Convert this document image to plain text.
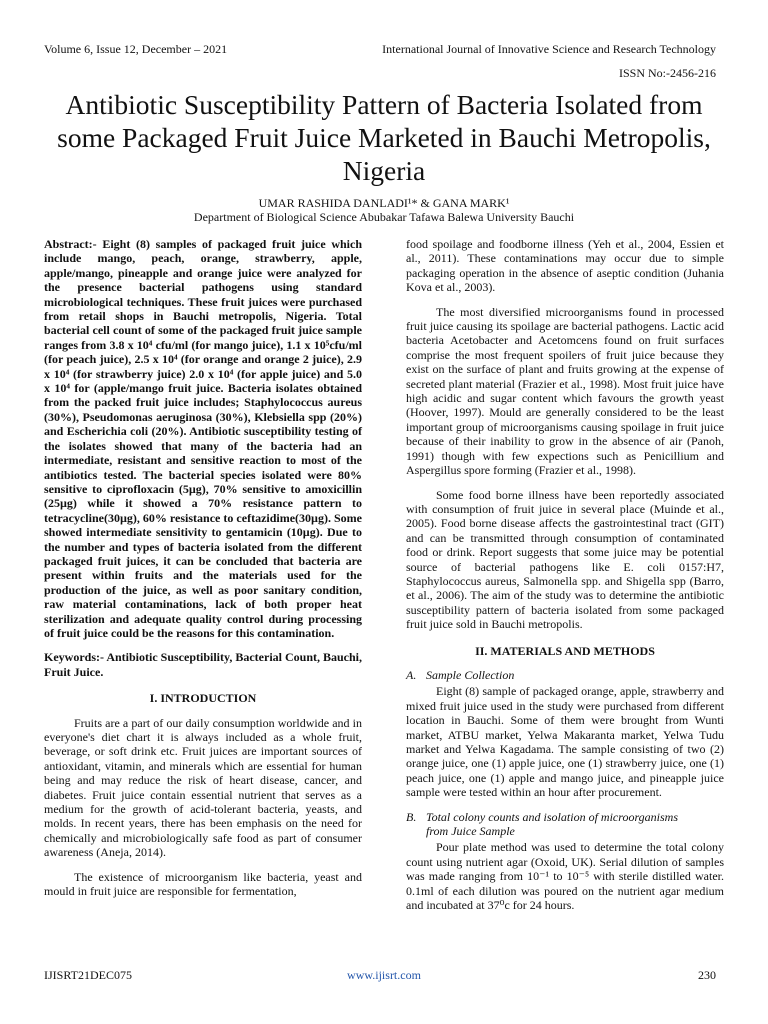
Volume 6, Issue 12, December – 2021	International Journal of Innovative Science and Research Technology
ISSN No:-2456-216
Antibiotic Susceptibility Pattern of Bacteria Isolated from some Packaged Fruit Juice Marketed in Bauchi Metropolis, Nigeria
UMAR RASHIDA DANLADI¹* & GANA MARK¹
Department of Biological Science Abubakar Tafawa Balewa University Bauchi

Abstract:- Eight (8) samples of packaged fruit juice which include mango, peach, orange, strawberry, apple, apple/mango, pineapple and orange juice were analyzed for the presence bacterial pathogens using standard microbiological techniques. These fruit juices were purchased from retail shops in Bauchi metropolis, Nigeria. Total bacterial cell count of some of the packaged fruit juice sample ranges from 3.8 x 10⁴ cfu/ml (for mango juice), 1.1 x 10⁵cfu/ml (for peach juice), 2.5 x 10⁴ (for orange and orange 2 juice), 2.9 x 10⁴ (for strawberry juice) 2.0 x 10⁴ (for apple juice) and 5.0 x 10⁴ for (apple/mango fruit juice. Bacteria isolates obtained from the packed fruit juice includes; Staphylococcus aureus (30%), Pseudomonas aeruginosa (30%), Klebsiella spp (20%) and Escherichia coli (20%). Antibiotic susceptibility testing of the isolates showed that many of the bacteria had an intermediate, resistant and sensitive reaction to most of the antibiotics tested. The bacterial species isolated were 80% sensitive to ciprofloxacin (5µg), 70% sensitive to amoxicillin (25µg) while it showed a 70% resistance pattern to tetracycline(30µg), 60% resistance to ceftazidime(30µg). Some showed intermediate sensitivity to gentamicin (10µg). Due to the number and types of bacteria isolated from the different packaged fruit juices, it can be concluded that bacteria are present within fruits and the materials used for the production of the juice, as well as poor sanitary condition, raw material contaminations, lack of both proper heat sterilization and adequate quality control during processing of fruit juice could be the reasons for this contamination.

Keywords:- Antibiotic Susceptibility, Bacterial Count, Bauchi, Fruit Juice.

I. INTRODUCTION

Fruits are a part of our daily consumption worldwide and in everyone's diet chart it is always included as a whole fruit, beverage, or soft drink etc. Fruit juices are important sources of antioxidant, vitamin, and minerals which are essential for human being and may reduce the risk of heart disease, cancer, and diabetes. Fruit juice contain essential nutrient that serves as a medium for the growth of acid-tolerant bacteria, yeasts, and molds. In recent years, there has been emphasis on the need for chemically and microbiologically safe food as part of consumer awareness (Aneja, 2014).

The existence of microorganism like bacteria, yeast and mould in fruit juice are responsible for fermentation,

food spoilage and foodborne illness (Yeh et al., 2004, Essien et al., 2011). These contaminations may occur due to simple packaging operation in the absence of aseptic condition (Juhania Kova et al., 2003).

The most diversified microorganisms found in processed fruit juice causing its spoilage are bacterial pathogens. Lactic acid bacteria Acetobacter and Acetomcens found on fruit surfaces comprise the most frequent spoilers of fruit juice because they exist on the surface of plant and fruits growing at the expense of secreted plant material (Frazier et al., 1998). Most fruit juice have high acidic and sugar content which favours the growth yeast (Hoover, 1997). Mould are generally considered to be the least important group of microorganisms causing spoilage in fruit juice because of their inability to grow in the absence of air (Panoh, 1991) though with few expections such as Penicillium and Aspergillus spore forming (Frazier et al., 1998).

Some food borne illness have been reportedly associated with consumption of fruit juice in several place (Muinde et al., 2005). Food borne disease affects the gastrointestinal tract (GIT) and can be transmitted through consumption of contaminated food or drink. Report suggests that some juice may be potential source of bacterial pathogens like E. coli 0157:H7, Staphylococcus aureus, Salmonella spp. and Shigella spp (Barro, et al., 2006). The aim of the study was to determine the antibiotic susceptibility pattern of bacteria isolated from some packaged fruit juice sold in Bauchi metropolis.

II. MATERIALS AND METHODS
A. Sample Collection

Eight (8) sample of packaged orange, apple, strawberry and mixed fruit juice used in the study were purchased from different location in Bauchi. Some of them were brought from Wunti market, ATBU market, Yelwa Makaranta market, Yelwa Tudu market and Yelwa Kagadama. The sample consisting of two (2) orange juice, one (1) apple juice, one (1) strawberry juice, one (1) peach juice, one (1) apple and mango juice, and pineapple juice sample were tested within an hour after procurement.

B. Total colony counts and isolation of microorganisms
from Juice Sample

Pour plate method was used to determine the total colony count using nutrient agar (Oxoid, UK). Serial dilution of samples was made ranging from 10⁻¹ to 10⁻⁵ with sterile distilled water. 0.1ml of each dilution was poured on the nutrient agar medium and incubated at 37⁰c for 24 hours.

IJISRT21DEC075	www.ijisrt.com	230
